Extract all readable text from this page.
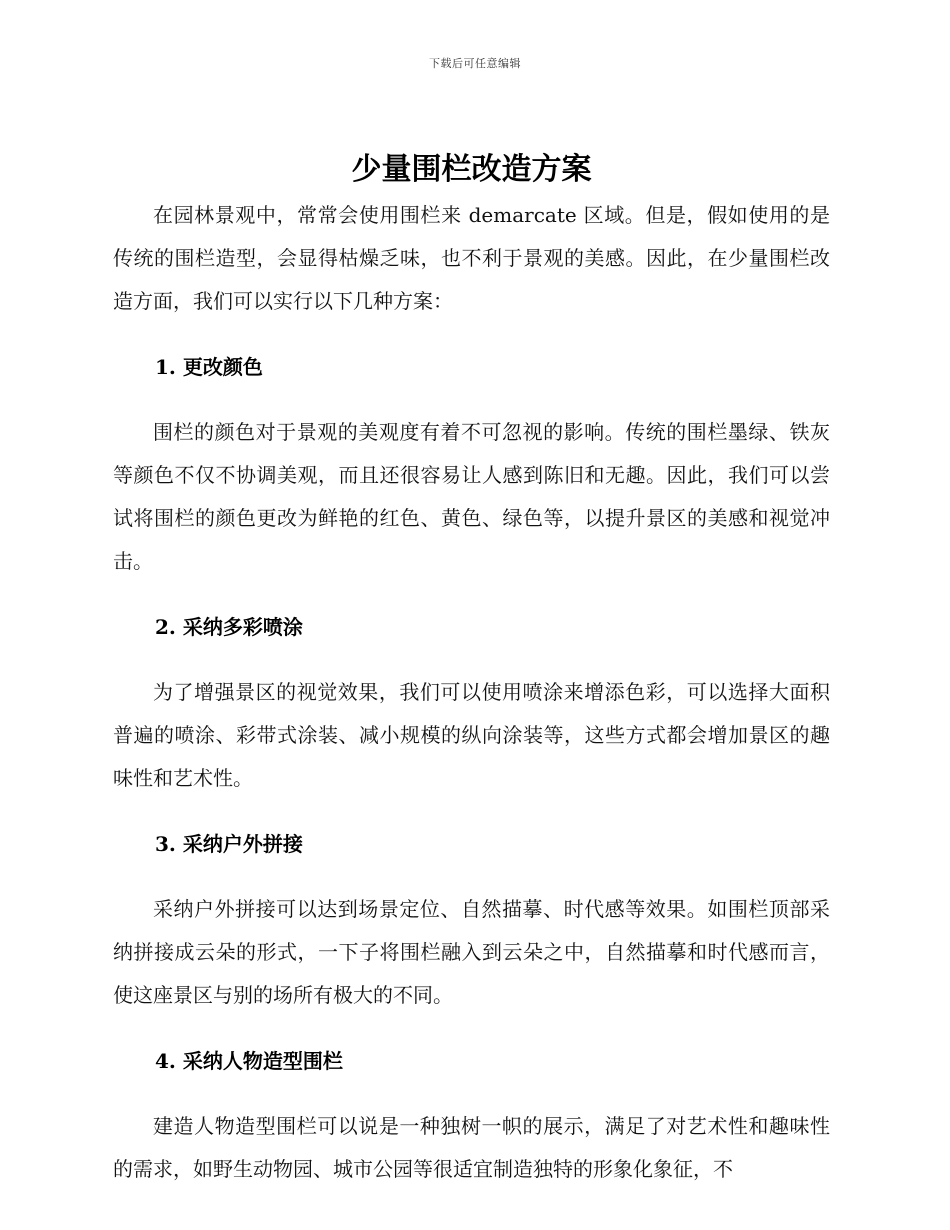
下载后可任意编辑
少量围栏改造方案

在园林景观中，常常会使用围栏来 demarcate 区域。但是，假如使用的是传统的围栏造型，会显得枯燥乏味，也不利于景观的美感。因此，在少量围栏改造方面，我们可以实行以下几种方案：

1. 更改颜色

围栏的颜色对于景观的美观度有着不可忽视的影响。传统的围栏墨绿、铁灰等颜色不仅不协调美观，而且还很容易让人感到陈旧和无趣。因此，我们可以尝试将围栏的颜色更改为鲜艳的红色、黄色、绿色等，以提升景区的美感和视觉冲击。

2. 采纳多彩喷涂

为了增强景区的视觉效果，我们可以使用喷涂来增添色彩，可以选择大面积普遍的喷涂、彩带式涂装、减小规模的纵向涂装等，这些方式都会增加景区的趣味性和艺术性。

3. 采纳户外拼接

采纳户外拼接可以达到场景定位、自然描摹、时代感等效果。如围栏顶部采纳拼接成云朵的形式，一下子将围栏融入到云朵之中，自然描摹和时代感而言，使这座景区与别的场所有极大的不同。

4. 采纳人物造型围栏

建造人物造型围栏可以说是一种独树一帜的展示，满足了对艺术性和趣味性的需求，如野生动物园、城市公园等很适宜制造独特的形象化象征，不
